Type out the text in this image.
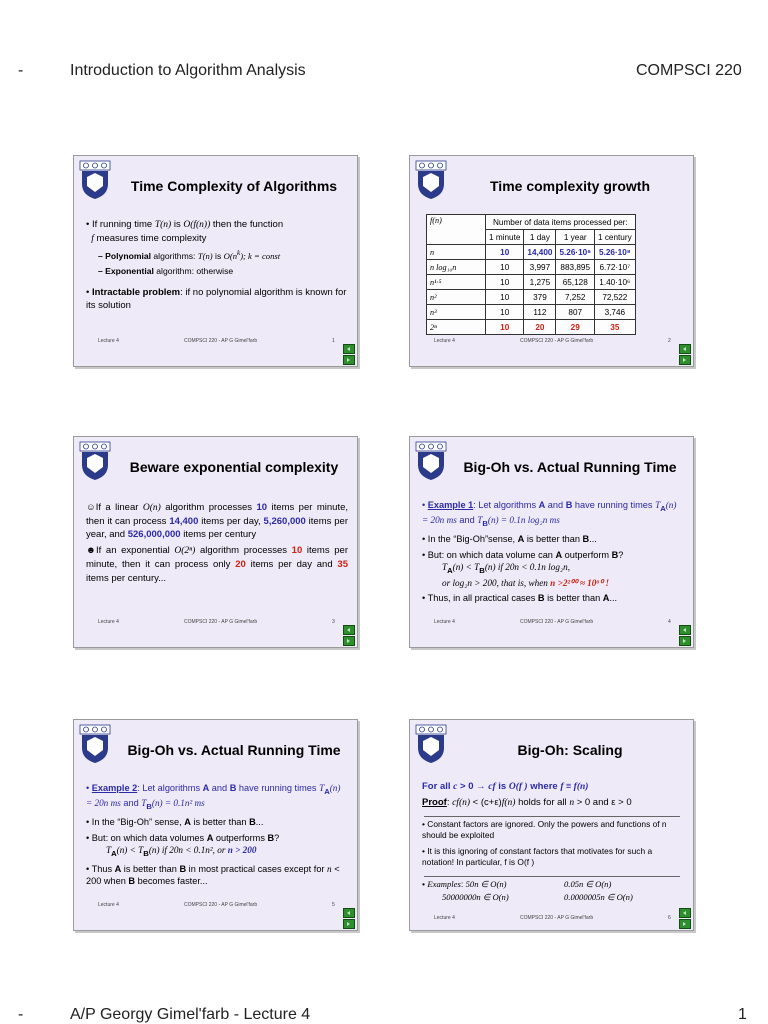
-	Introduction to Algorithm Analysis	COMPSCI 220
Time Complexity of Algorithms

• If running time T(n) is O(f(n)) then the function
f measures time complexity

– Polynomial algorithms: T(n) is $O(n^k)$; k = const

– Exponential algorithm: otherwise

• Intractable problem: if no polynomial algorithm is known for its solution

Lecture 4	COMPSCI 220 - AP G Gimel'farb	1
Time complexity growth
f(n)	Number of data items processed per:			
	1 minute	1 day	1 year	1 century
n	10	14,400	5.26·10⁶	5.26·10⁸
n log₁₀n	10	3,997	883,895	6.72·10⁷
n¹·⁵	10	1,275	65,128	1.40·10⁶
n²	10	379	7,252	72,522
n³	10	112	807	3,746
2ⁿ	10	20	29	35
Lecture 4	COMPSCI 220 - AP G Gimel'farb	2
Beware exponential complexity

☺If a linear O(n) algorithm processes 10 items per minute, then it can process 14,400 items per day, 5,260,000 items per year, and 526,000,000 items per century

☻If an exponential O(2ⁿ) algorithm processes 10 items per minute, then it can process only 20 items per day and 35 items per century...

Lecture 4	COMPSCI 220 - AP G Gimel'farb	3
Big-Oh vs. Actual Running Time

• Example 1: Let algorithms A and B have running times $T_A(n) = 20n$ ms and $T_B(n) = 0.1n$ log₂n ms

• In the “Big-Oh”sense, A is better than B...

• But: on which data volume can A outperform B?

$T_A(n) < T_B(n)$ if 20n < 0.1n log₂n,

or log₂n > 200, that is, when n >2²⁰⁰ ≈ 10⁶⁰ !

• Thus, in all practical cases B is better than A...

Lecture 4	COMPSCI 220 - AP G Gimel'farb	4
Big-Oh vs. Actual Running Time

• Example 2: Let algorithms A and B have running times $T_A(n) = 20n$ ms and $T_B(n) = 0.1n^2$ ms

• In the “Big-Oh” sense, A is better than B...

• But: on which data volumes A outperforms B?

$T_A(n) < T_B(n)$ if 20n < 0.1n², or n > 200

• Thus A is better than B in most practical cases except for n < 200 when B becomes faster...

Lecture 4	COMPSCI 220 - AP G Gimel'farb	5
Big-Oh: Scaling

For all c > 0 → cf is O(f ) where f ≡ f(n)

Proof: cf(n) < (c+ε)f(n) holds for all n > 0 and ε > 0

• Constant factors are ignored. Only the powers and functions of n should be exploited

• It is this ignoring of constant factors that motivates for such a notation! In particular, f is O(f )

• Examples: 50n ∈ O(n)	0.05n ∈ O(n)
50000000n ∈ O(n)	0.0000005n ∈ O(n)
Lecture 4	COMPSCI 220 - AP G Gimel'farb	6
-	A/P Georgy Gimel'farb - Lecture 4	1
